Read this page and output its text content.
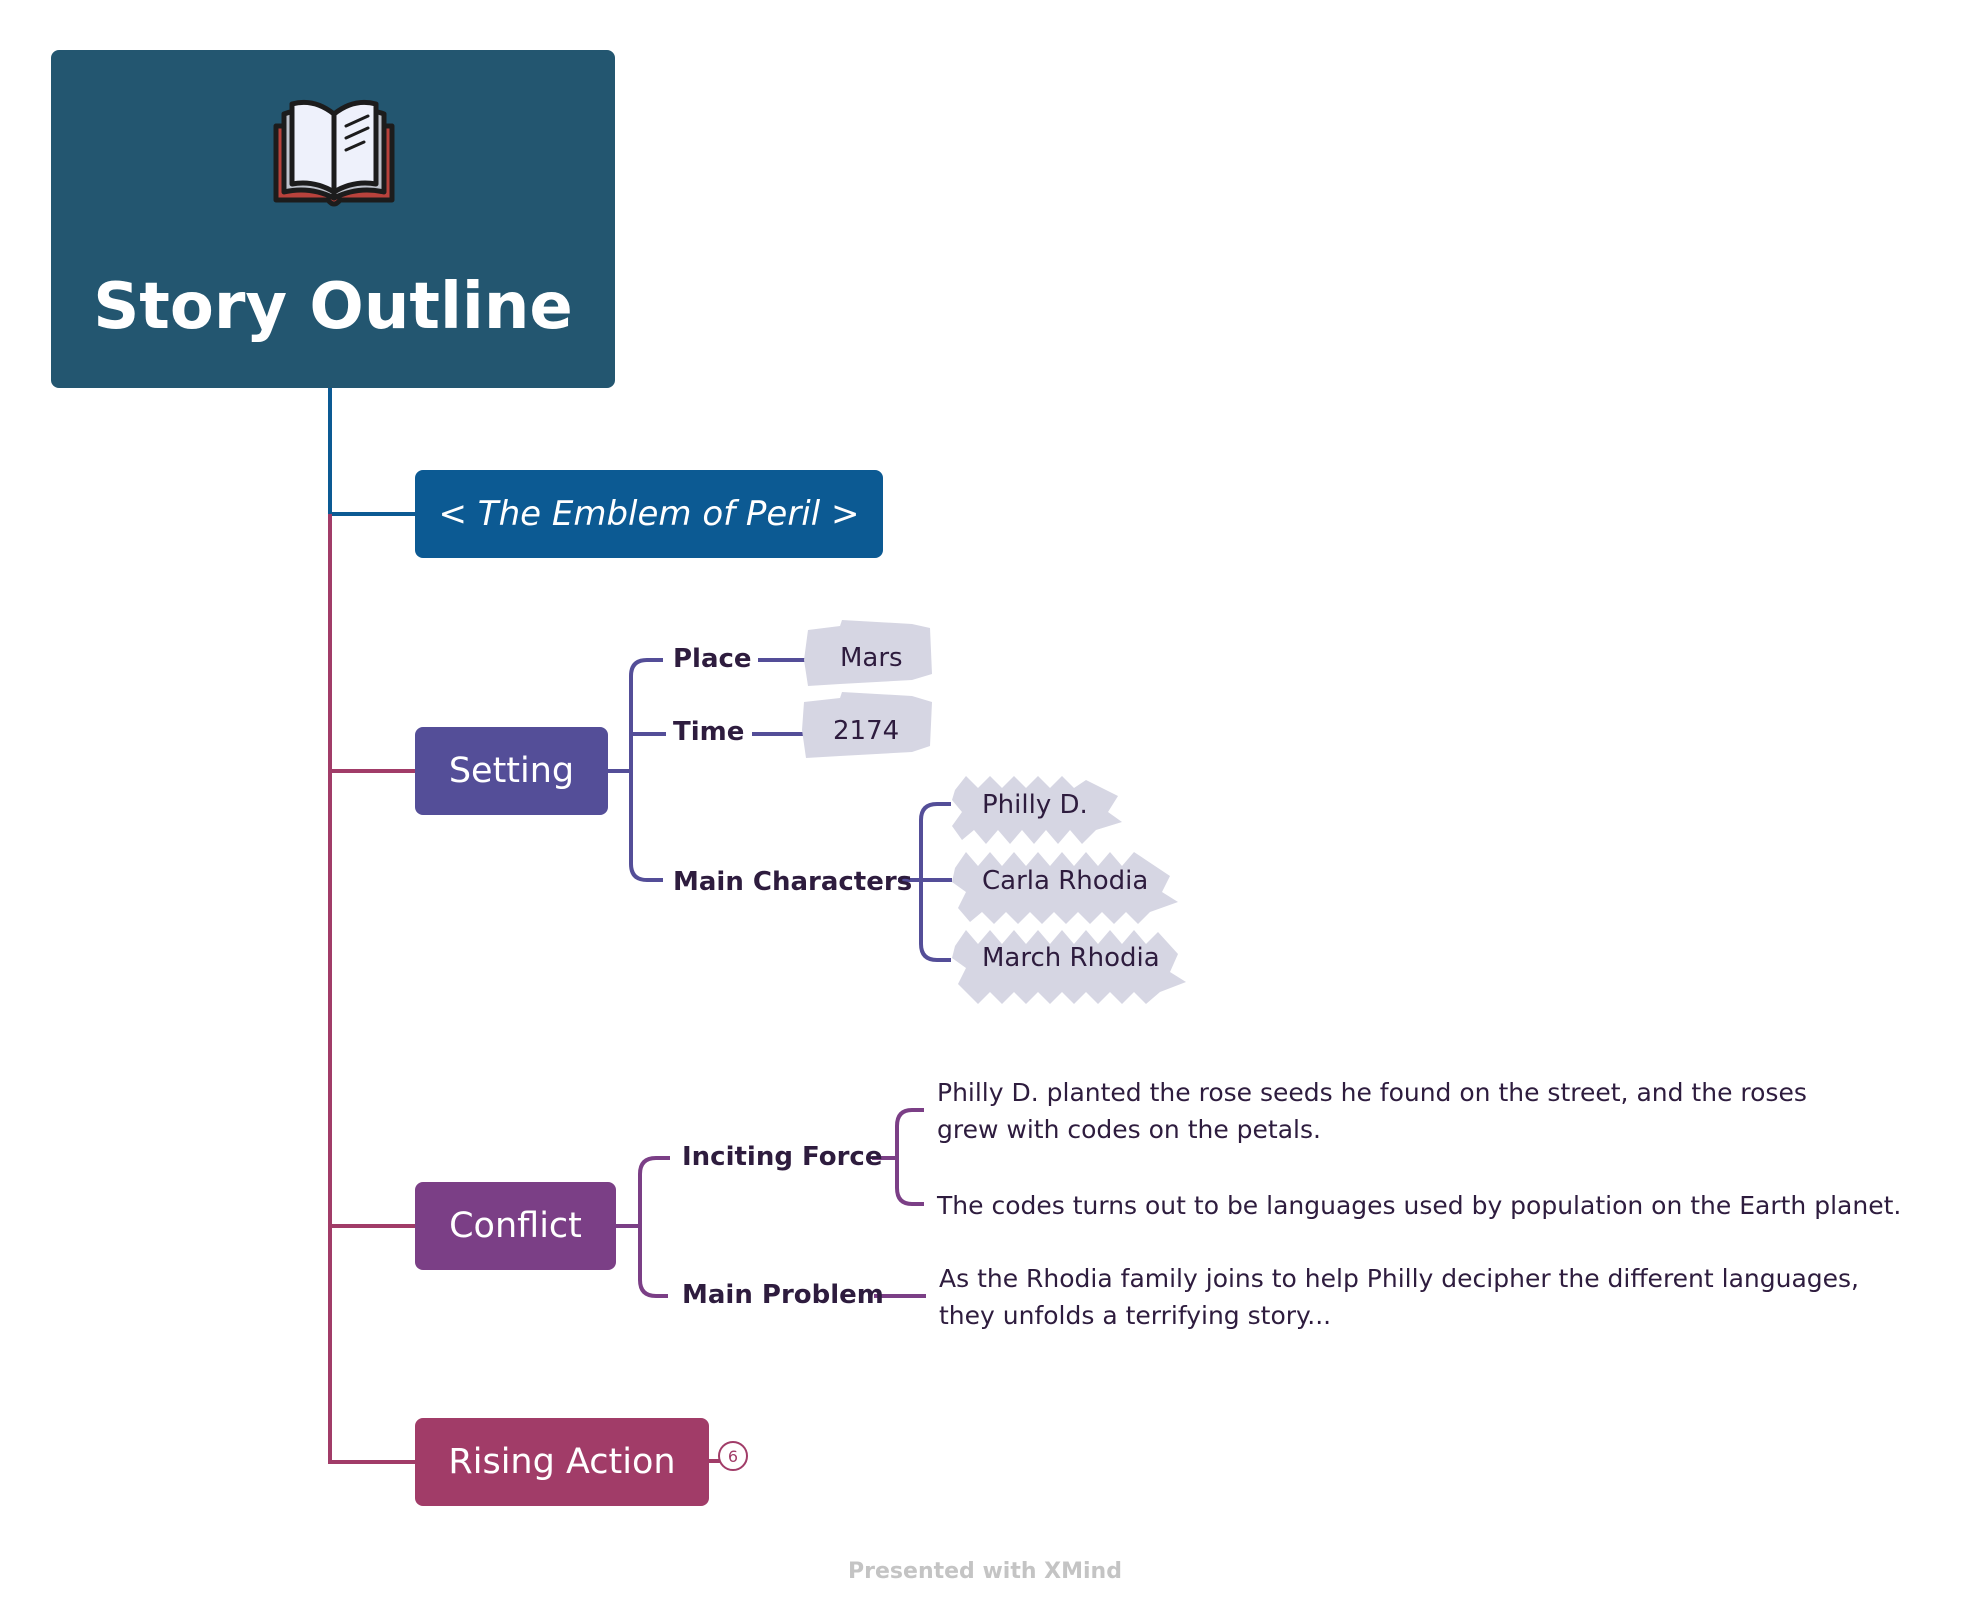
Story Outline
< The Emblem of Peril >
Setting
Conflict
Rising Action	6
Place
Time
Main Characters
Mars
2174
Philly D.
Carla Rhodia
March Rhodia
Inciting Force
Main Problem
Philly D. planted the rose seeds he found on the street, and the roses grew with codes on the petals.
The codes turns out to be languages used by population on the Earth planet.
As the Rhodia family joins to help Philly decipher the different languages, they unfolds a terrifying story...
Presented with XMind
